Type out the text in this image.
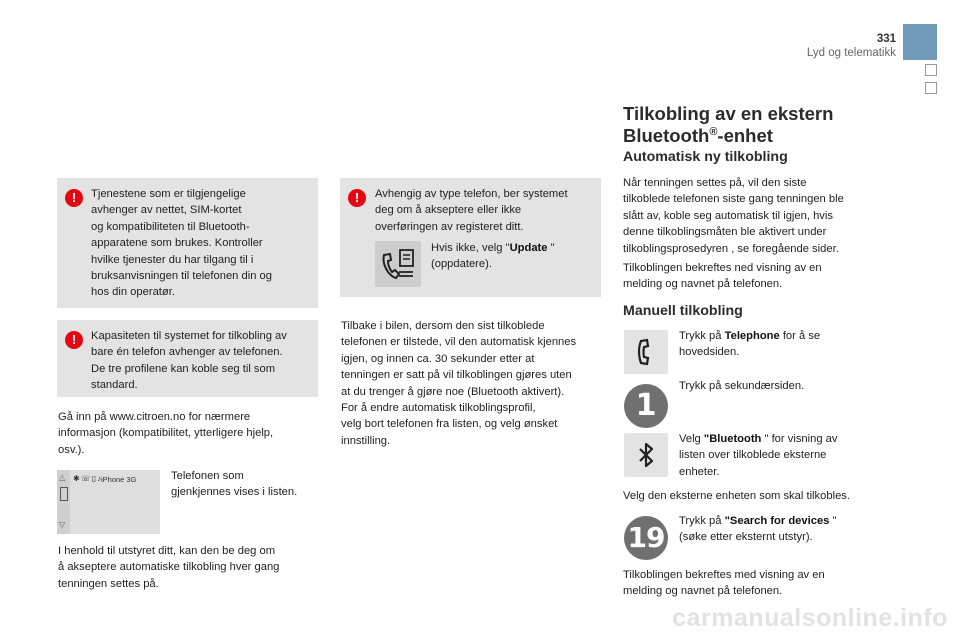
331
Lyd og telematikk
!	Tjenestene som er tilgjengelige
avhenger av nettet, SIM-kortet
og kompatibiliteten til Bluetooth-
apparatene som brukes. Kontroller
hvilke tjenester du har tilgang til i
bruksanvisningen til telefonen din og
hos din operatør.
!	Kapasiteten til systemet for tilkobling av
bare én telefon avhenger av telefonen.
De tre profilene kan koble seg til som
standard.
Gå inn på www.citroen.no for nærmere
informasjon (kompatibilitet, ytterligere hjelp,
osv.).
△
▽
✱☏▯♪
iPhone 3G	Telefonen som
gjenkjennes vises i listen.
I henhold til utstyret ditt, kan den be deg om
å akseptere automatiske tilkobling hver gang
tenningen settes på.
!	Avhengig av type telefon, ber systemet
deg om å akseptere eller ikke
overføringen av registeret ditt.
Hvis ikke, velg "Update "
(oppdatere).
Tilbake i bilen, dersom den sist tilkoblede
telefonen er tilstede, vil den automatisk kjennes
igjen, og innen ca. 30 sekunder etter at
tenningen er satt på vil tilkoblingen gjøres uten
at du trenger å gjøre noe (Bluetooth aktivert).
For å endre automatisk tilkoblingsprofil,
velg bort telefonen fra listen, og velg ønsket
innstilling.
Tilkobling av en ekstern
Bluetooth®-enhet
Automatisk ny tilkobling
Når tenningen settes på, vil den siste
tilkoblede telefonen siste gang tenningen ble
slått av, koble seg automatisk til igjen, hvis
denne tilkoblingsmåten ble aktivert under
tilkoblingsprosedyren , se foregående sider.
Tilkoblingen bekreftes ned visning av en
melding og navnet på telefonen.
Manuell tilkobling
Trykk på Telephone for å se
hovedsiden.
Trykk på sekundærsiden.
1
Velg "Bluetooth " for visning av
listen over tilkoblede eksterne
enheter.
Velg den eksterne enheten som skal tilkobles.
Trykk på "Search for devices "
(søke etter eksternt utstyr).
19
Tilkoblingen bekreftes med visning av en
melding og navnet på telefonen.
carmanualsonline.info
